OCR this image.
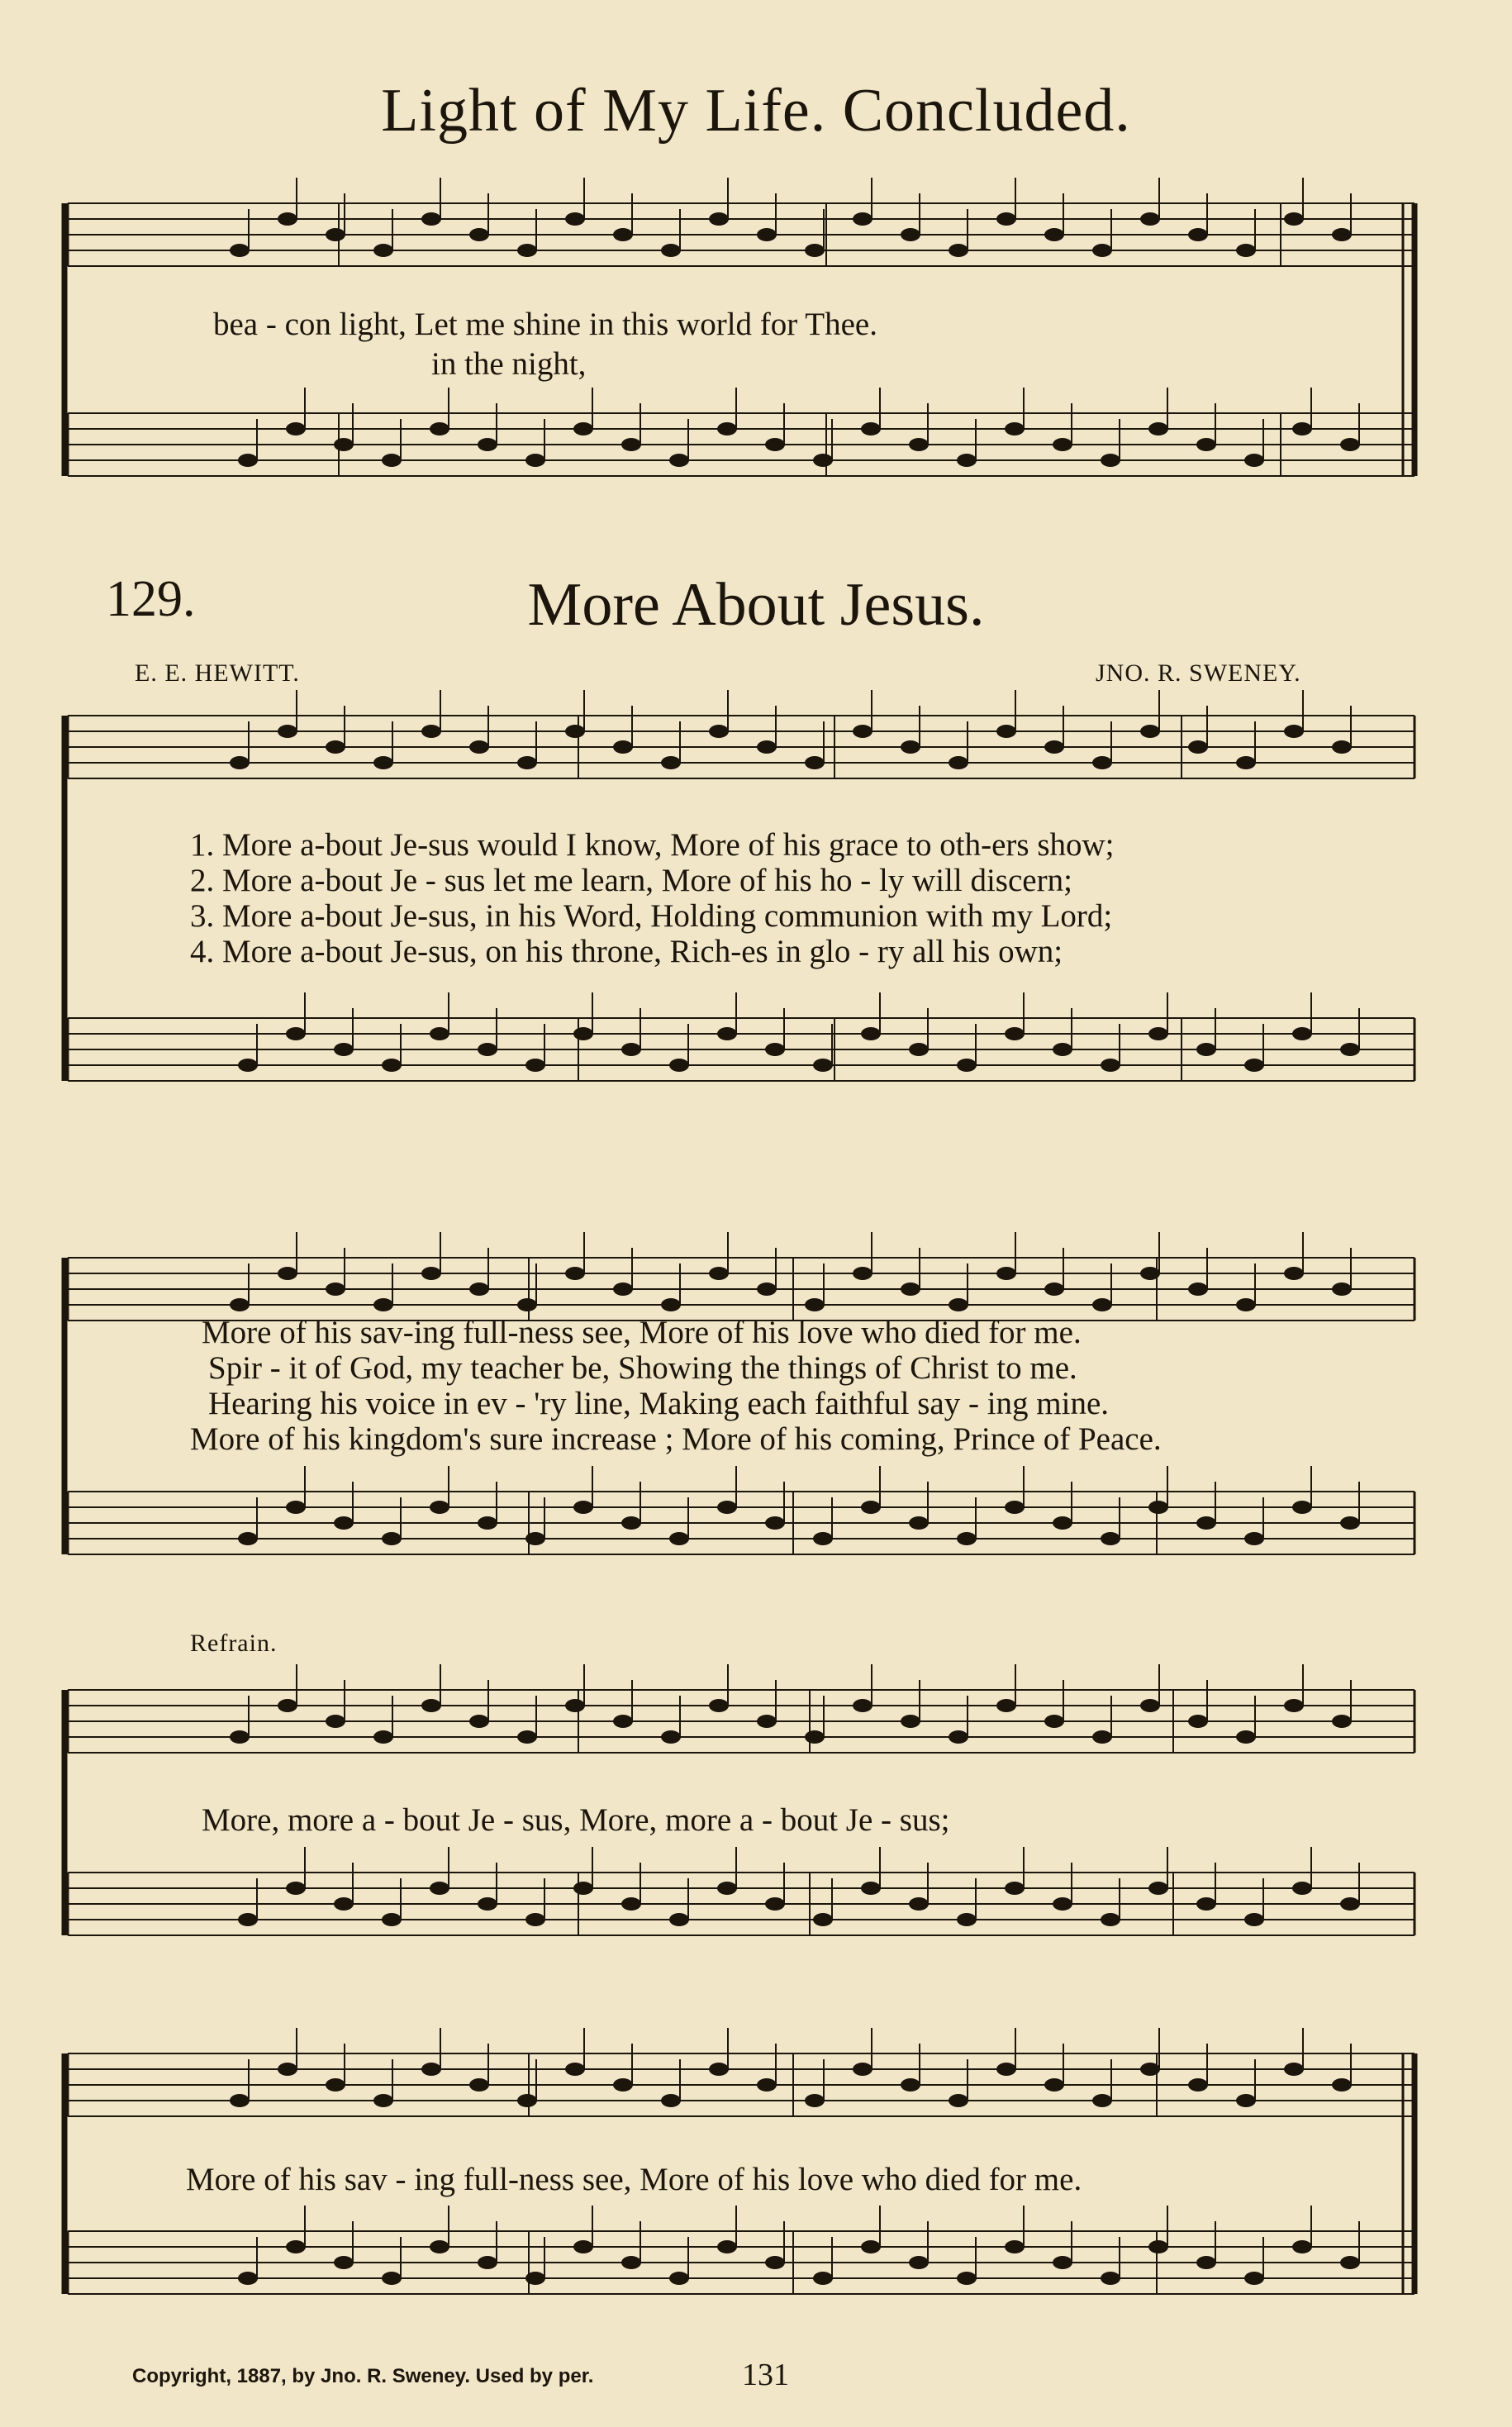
Light of My Life. Concluded.
bea - con light, Let me shine in this world for Thee.
in the night,
129.	More About Jesus.
E. E. HEWITT.	JNO. R. SWENEY.
1. More a-bout Je-sus would I know, More of his grace to oth-ers show;
2. More a-bout Je - sus let me learn, More of his ho - ly will discern;
3. More a-bout Je-sus, in his Word, Holding communion with my Lord;
4. More a-bout Je-sus, on his throne, Rich-es in glo - ry all his own;
More of his sav-ing full-ness see, More of his love who died for me.
Spir - it of God, my teacher be, Showing the things of Christ to me.
Hearing his voice in ev - 'ry line, Making each faithful say - ing mine.
More of his kingdom's sure increase ; More of his coming, Prince of Peace.
Refrain.
More, more a - bout Je - sus, More, more a - bout Je - sus;
More of his sav - ing full-ness see, More of his love who died for me.
Copyright, 1887, by Jno. R. Sweney. Used by per.	131
